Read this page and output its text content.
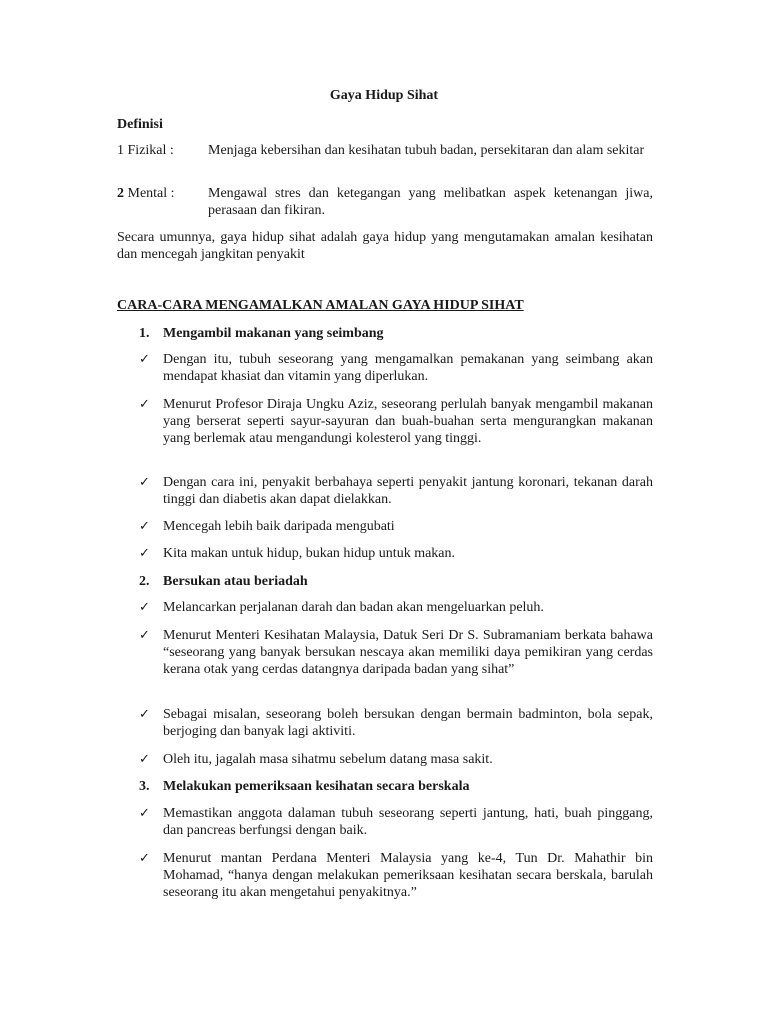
Gaya Hidup Sihat
Definisi
1 Fizikal : Menjaga kebersihan dan kesihatan tubuh badan, persekitaran dan alam sekitar
2 Mental : Mengawal stres dan ketegangan yang melibatkan aspek ketenangan jiwa, perasaan dan fikiran.

Secara umunnya, gaya hidup sihat adalah gaya hidup yang mengutamakan amalan kesihatan dan mencegah jangkitan penyakit

CARA-CARA MENGAMALKAN AMALAN GAYA HIDUP SIHAT
1. Mengambil makanan yang seimbang
✓ Dengan itu, tubuh seseorang yang mengamalkan pemakanan yang seimbang akan mendapat khasiat dan vitamin yang diperlukan.
✓ Menurut Profesor Diraja Ungku Aziz, seseorang perlulah banyak mengambil makanan yang berserat seperti sayur-sayuran dan buah-buahan serta mengurangkan makanan yang berlemak atau mengandungi kolesterol yang tinggi.
✓ Dengan cara ini, penyakit berbahaya seperti penyakit jantung koronari, tekanan darah tinggi dan diabetis akan dapat dielakkan.
✓ Mencegah lebih baik daripada mengubati
✓ Kita makan untuk hidup, bukan hidup untuk makan.
2. Bersukan atau beriadah
✓ Melancarkan perjalanan darah dan badan akan mengeluarkan peluh.
✓ Menurut Menteri Kesihatan Malaysia, Datuk Seri Dr S. Subramaniam berkata bahawa “seseorang yang banyak bersukan nescaya akan memiliki daya pemikiran yang cerdas kerana otak yang cerdas datangnya daripada badan yang sihat”
✓ Sebagai misalan, seseorang boleh bersukan dengan bermain badminton, bola sepak, berjoging dan banyak lagi aktiviti.
✓ Oleh itu, jagalah masa sihatmu sebelum datang masa sakit.
3. Melakukan pemeriksaan kesihatan secara berskala
✓ Memastikan anggota dalaman tubuh seseorang seperti jantung, hati, buah pinggang, dan pancreas berfungsi dengan baik.
✓ Menurut mantan Perdana Menteri Malaysia yang ke-4, Tun Dr. Mahathir bin Mohamad, “hanya dengan melakukan pemeriksaan kesihatan secara berskala, barulah seseorang itu akan mengetahui penyakitnya.”
